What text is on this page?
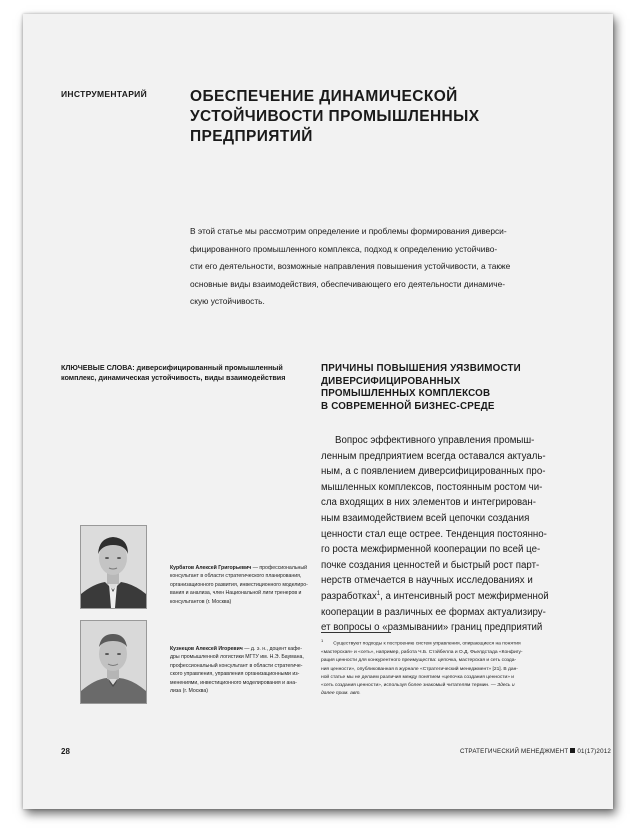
ИНСТРУМЕНТАРИЙ	ОБЕСПЕЧЕНИЕ ДИНАМИЧЕСКОЙ
УСТОЙЧИВОСТИ ПРОМЫШЛЕННЫХ
ПРЕДПРИЯТИЙ
В этой статье мы рассмотрим определение и проблемы формирования диверси-
фицированного промышленного комплекса, подход к определению устойчиво-
сти его деятельности, возможные направления повышения устойчивости, а также
основные виды взаимодействия, обеспечивающего его деятельности динамиче-
скую устойчивость.
КЛЮЧЕВЫЕ СЛОВА: диверсифицированный промышленный
комплекс, динамическая устойчивость, виды взаимодействия
ПРИЧИНЫ ПОВЫШЕНИЯ УЯЗВИМОСТИ
ДИВЕРСИФИЦИРОВАННЫХ
ПРОМЫШЛЕННЫХ КОМПЛЕКСОВ
В СОВРЕМЕННОЙ БИЗНЕС-СРЕДЕ
Вопрос эффективного управления промыш-
ленным предприятием всегда оставался актуаль-
ным, а с появлением диверсифицированных про-
мышленных комплексов, постоянным ростом чи-
сла входящих в них элементов и интегрирован-
ным взаимодействием всей цепочки создания
ценности стал еще острее. Тенденция постоянно-
го роста межфирменной кооперации по всей це-
почке создания ценностей и быстрый рост парт-
нерств отмечается в научных исследованиях и
разработках$^1$, а интенсивный рост межфирменной
кооперации в различных ее формах актуализиру-
ет вопросы о «размывании» границ предприятий
Курбатов Алексей Григорьевич — профессиональный
консультант в области стратегического планирования,
организационного развития, инвестиционного моделиро-
вания и анализа, член Национальной лиги тренеров и
консультантов (г. Москва)
Кузнецов Алексей Игоревич — д. э. н., доцент кафе-
дры промышленной логистики МГТУ им. Н.Э. Баумана,
профессиональный консультант в области стратегиче-
ского управления, управления организационными из-
менениями, инвестиционного моделирования и ана-
лиза (г. Москва)
$^1$Существуют подходы к построению систем управления, опирающиеся на понятия
«мастерская» и «сеть», например, работа Ч.Б. Стэйбелла и О.Д. Фьелдстада «Конфигу-
рация ценности для конкурентного преимущества: цепочка, мастерская и сеть созда-
ния ценности», опубликованная в журнале «Стратегический менеджмент» [21]. В дан-
ной статье мы не делаем различия между понятием «цепочка создания ценности» и
«сеть создания ценности», используя более знакомый читателям термин. — Здесь и
далее прим. авт.
28	СТРАТЕГИЧЕСКИЙ МЕНЕДЖМЕНТ 01(17)2012
